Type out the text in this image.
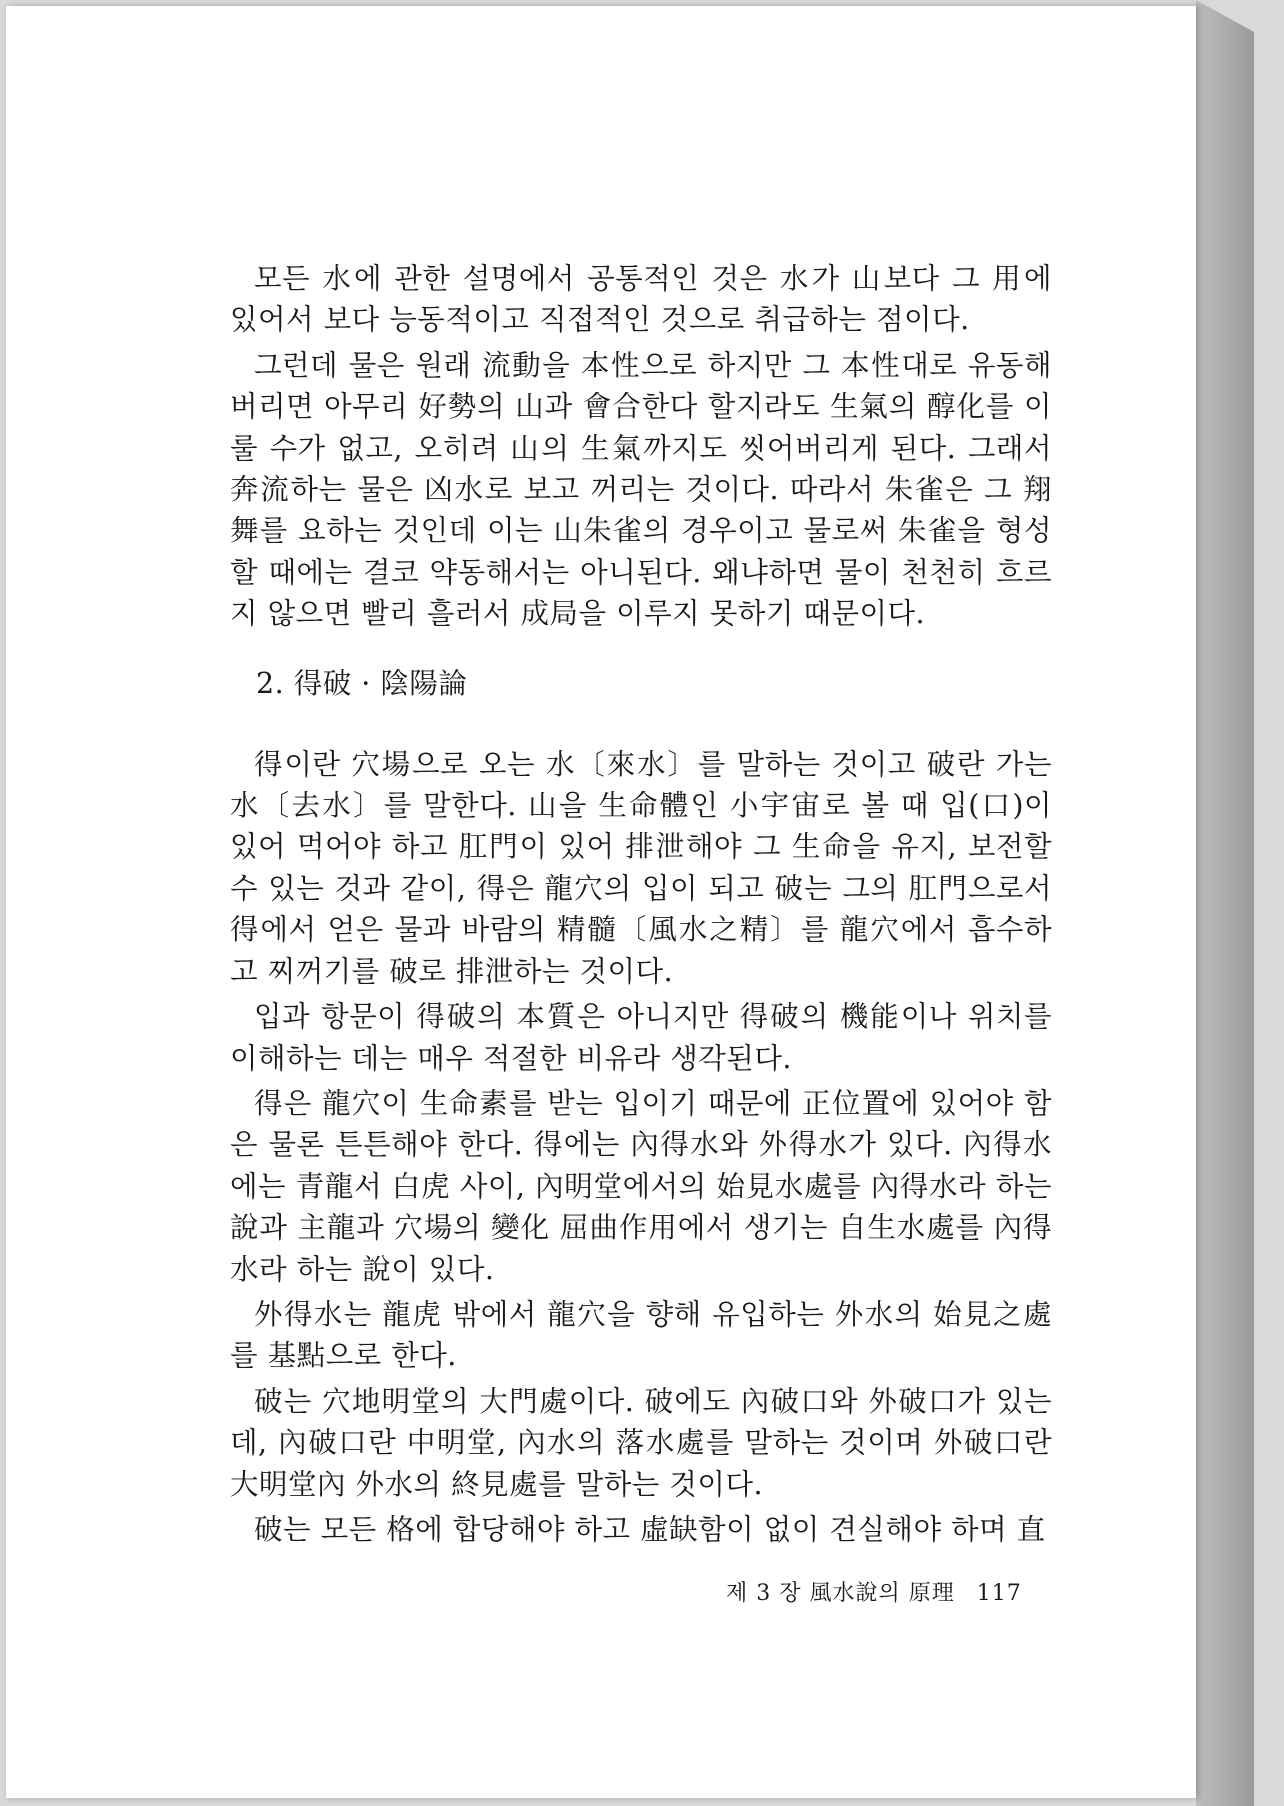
모든 水에 관한 설명에서 공통적인 것은 水가 山보다 그 用에 있어서 보다 능동적이고 직접적인 것으로 취급하는 점이다.

그런데 물은 원래 流動을 本性으로 하지만 그 本性대로 유동해 버리면 아무리 好勢의 山과 會合한다 할지라도 生氣의 醇化를 이룰 수가 없고, 오히려 山의 生氣까지도 씻어버리게 된다. 그래서 奔流하는 물은 凶水로 보고 꺼리는 것이다. 따라서 朱雀은 그 翔舞를 요하는 것인데 이는 山朱雀의 경우이고 물로써 朱雀을 형성할 때에는 결코 약동해서는 아니된다. 왜냐하면 물이 천천히 흐르지 않으면 빨리 흘러서 成局을 이루지 못하기 때문이다.

2. 得破 · 陰陽論

得이란 穴場으로 오는 水〔來水〕를 말하는 것이고 破란 가는 水〔去水〕를 말한다. 山을 生命體인 小宇宙로 볼 때 입(口)이 있어 먹어야 하고 肛門이 있어 排泄해야 그 生命을 유지, 보전할 수 있는 것과 같이, 得은 龍穴의 입이 되고 破는 그의 肛門으로서 得에서 얻은 물과 바람의 精髓〔風水之精〕를 龍穴에서 흡수하고 찌꺼기를 破로 排泄하는 것이다.

입과 항문이 得破의 本質은 아니지만 得破의 機能이나 위치를 이해하는 데는 매우 적절한 비유라 생각된다.

得은 龍穴이 生命素를 받는 입이기 때문에 正位置에 있어야 함은 물론 튼튼해야 한다. 得에는 內得水와 外得水가 있다. 內得水에는 青龍서 白虎 사이, 內明堂에서의 始見水處를 內得水라 하는 說과 主龍과 穴場의 變化 屈曲作用에서 생기는 自生水處를 內得水라 하는 說이 있다.

外得水는 龍虎 밖에서 龍穴을 향해 유입하는 外水의 始見之處를 基點으로 한다.

破는 穴地明堂의 大門處이다. 破에도 內破口와 外破口가 있는데, 內破口란 中明堂, 內水의 落水處를 말하는 것이며 外破口란 大明堂內 外水의 終見處를 말하는 것이다.

破는 모든 格에 합당해야 하고 虛缺함이 없이 견실해야 하며 直

제 3 장 風水說의 原理 117
